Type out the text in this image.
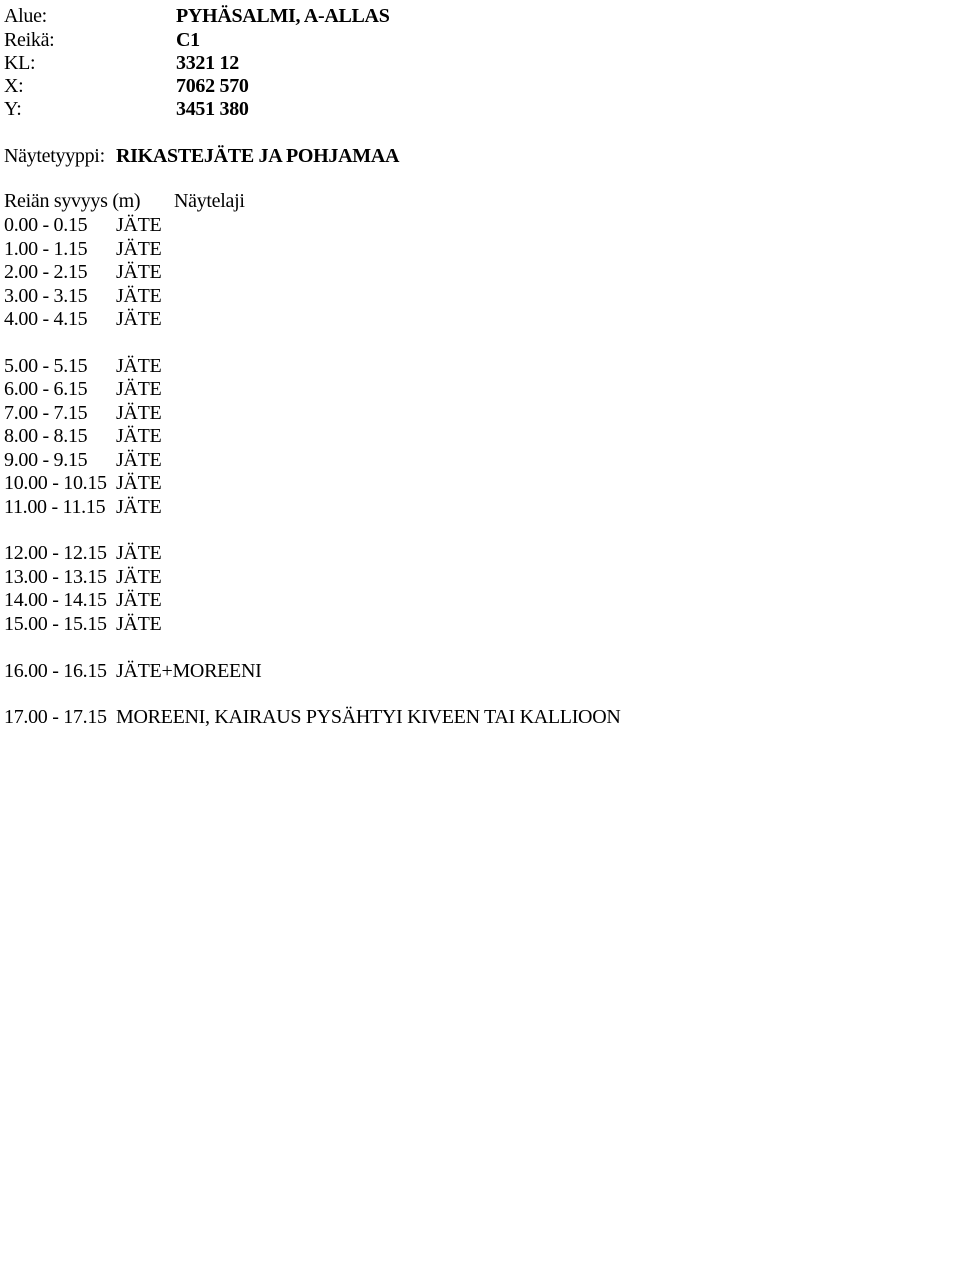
Alue:	PYHÄSALMI, A-ALLAS
Reikä:	C1
KL:	3321 12
X:	7062 570
Y:	3451 380
Näytetyyppi: RIKASTEJÄTE JA POHJAMAA
Reiän syvyys (m) Näytelaji
0.00 - 0.15 JÄTE
1.00 - 1.15 JÄTE
2.00 - 2.15 JÄTE
3.00 - 3.15 JÄTE
4.00 - 4.15 JÄTE
5.00 - 5.15 JÄTE
6.00 - 6.15 JÄTE
7.00 - 7.15 JÄTE
8.00 - 8.15 JÄTE
9.00 - 9.15 JÄTE
10.00 - 10.15 JÄTE
11.00 - 11.15 JÄTE
12.00 - 12.15 JÄTE
13.00 - 13.15 JÄTE
14.00 - 14.15 JÄTE
15.00 - 15.15 JÄTE
16.00 - 16.15 JÄTE+MOREENI
17.00 - 17.15 MOREENI, KAIRAUS PYSÄHTYI KIVEEN TAI KALLIOON
